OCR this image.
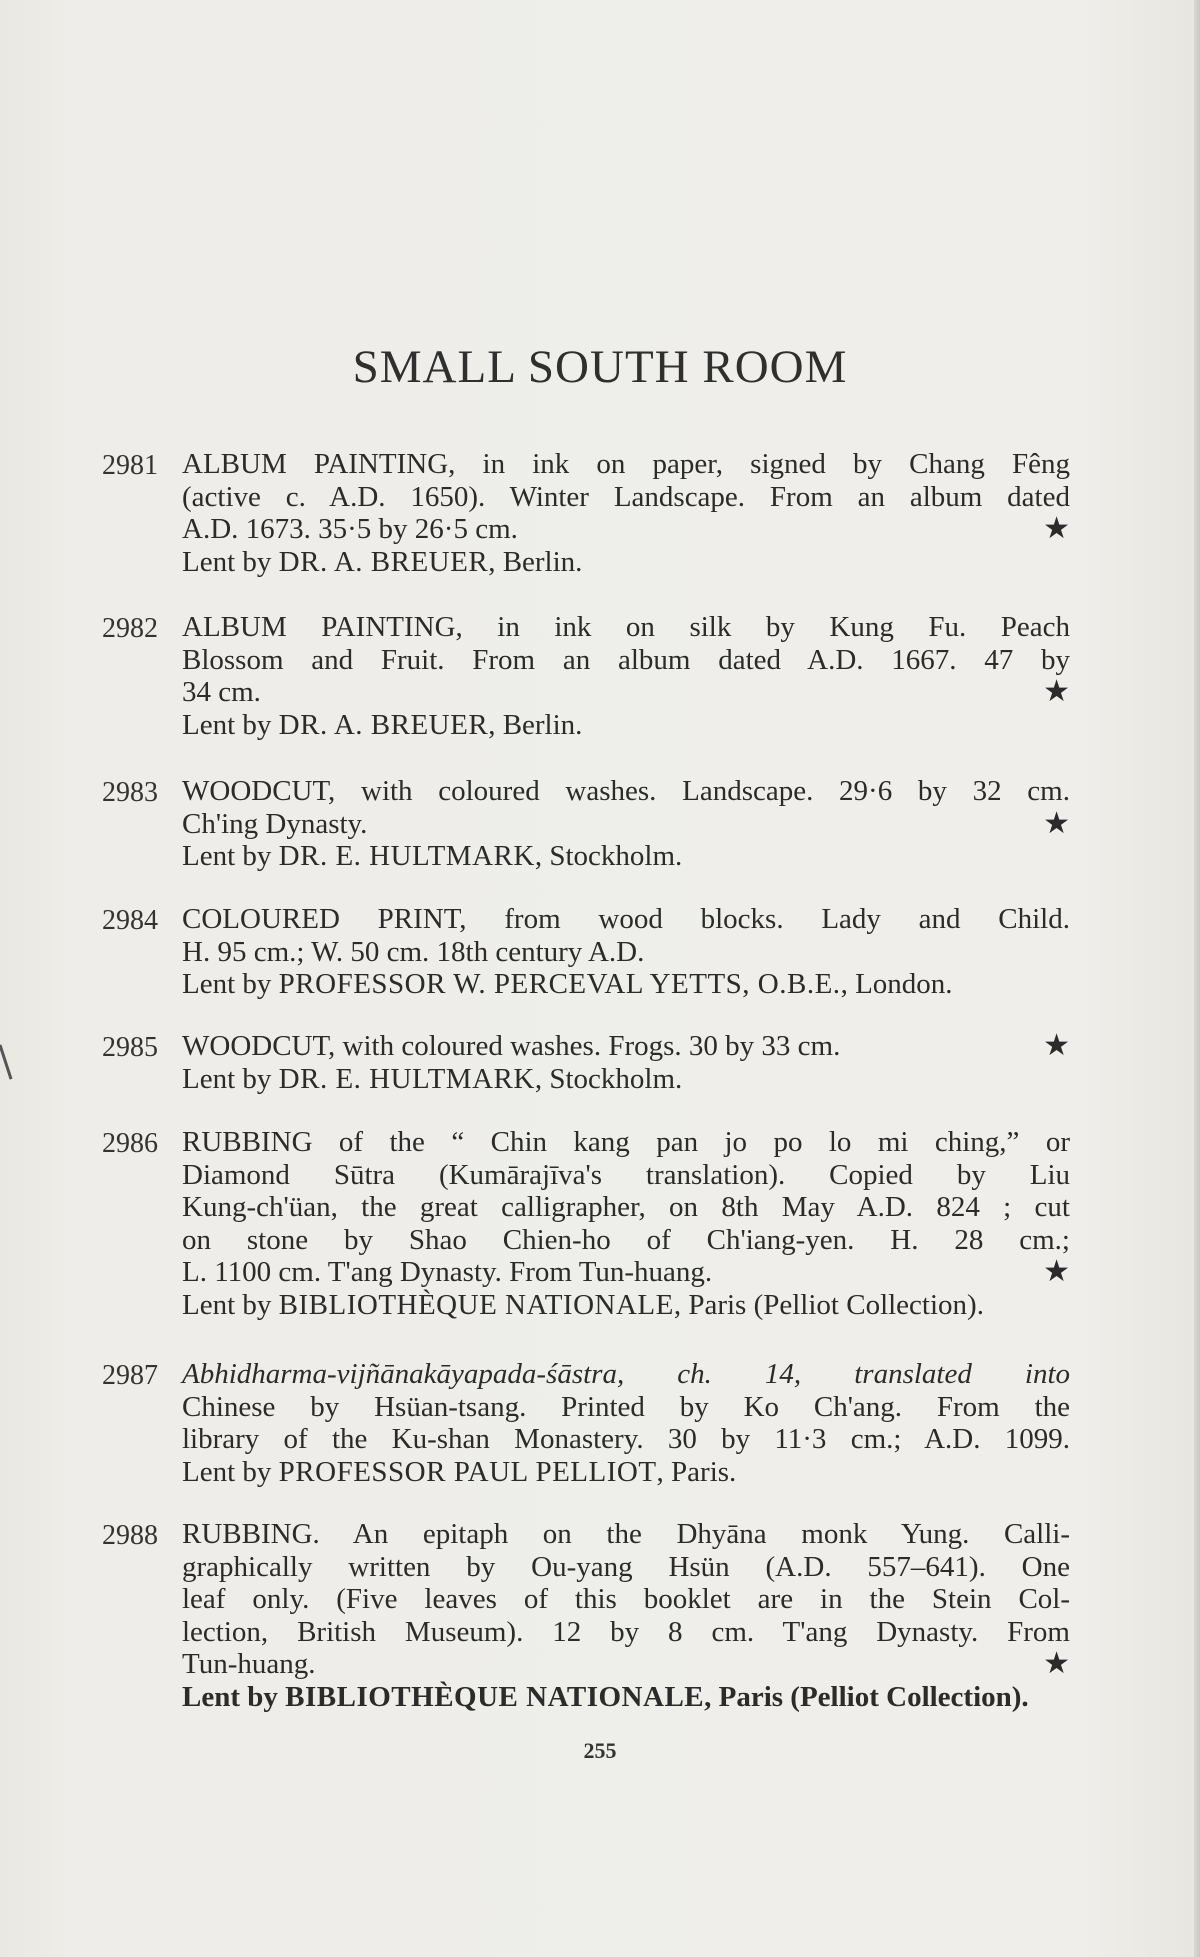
SMALL SOUTH ROOM
2981 ALBUM PAINTING, in ink on paper, signed by Chang Fêng
(active c. A.D. 1650). Winter Landscape. From an album dated
A.D. 1673. 35·5 by 26·5 cm.	★
Lent by DR. A. BREUER, Berlin.
2982 ALBUM PAINTING, in ink on silk by Kung Fu. Peach
Blossom and Fruit. From an album dated A.D. 1667. 47 by
34 cm.	★
Lent by DR. A. BREUER, Berlin.
2983 WOODCUT, with coloured washes. Landscape. 29·6 by 32 cm.
Ch'ing Dynasty.	★
Lent by DR. E. HULTMARK, Stockholm.
2984 COLOURED PRINT, from wood blocks. Lady and Child.
H. 95 cm.; W. 50 cm. 18th century A.D.
Lent by PROFESSOR W. PERCEVAL YETTS, O.B.E., London.
2985 WOODCUT, with coloured washes. Frogs. 30 by 33 cm.	★
Lent by DR. E. HULTMARK, Stockholm.
2986 RUBBING of the “ Chin kang pan jo po lo mi ching,” or
Diamond Sūtra (Kumārajīva's translation). Copied by Liu
Kung-ch'üan, the great calligrapher, on 8th May A.D. 824 ; cut
on stone by Shao Chien-ho of Ch'iang-yen. H. 28 cm.;
L. 1100 cm. T'ang Dynasty. From Tun-huang.	★
Lent by BIBLIOTHÈQUE NATIONALE, Paris (Pelliot Collection).
2987 Abhidharma-vijñānakāyapada-śāstra, ch. 14, translated into
Chinese by Hsüan-tsang. Printed by Ko Ch'ang. From the
library of the Ku-shan Monastery. 30 by 11·3 cm.; A.D. 1099.
Lent by PROFESSOR PAUL PELLIOT, Paris.
2988 RUBBING. An epitaph on the Dhyāna monk Yung. Calli-
graphically written by Ou-yang Hsün (A.D. 557–641). One
leaf only. (Five leaves of this booklet are in the Stein Col-
lection, British Museum). 12 by 8 cm. T'ang Dynasty. From
Tun-huang.	★
Lent by BIBLIOTHÈQUE NATIONALE, Paris (Pelliot Collection).
255
